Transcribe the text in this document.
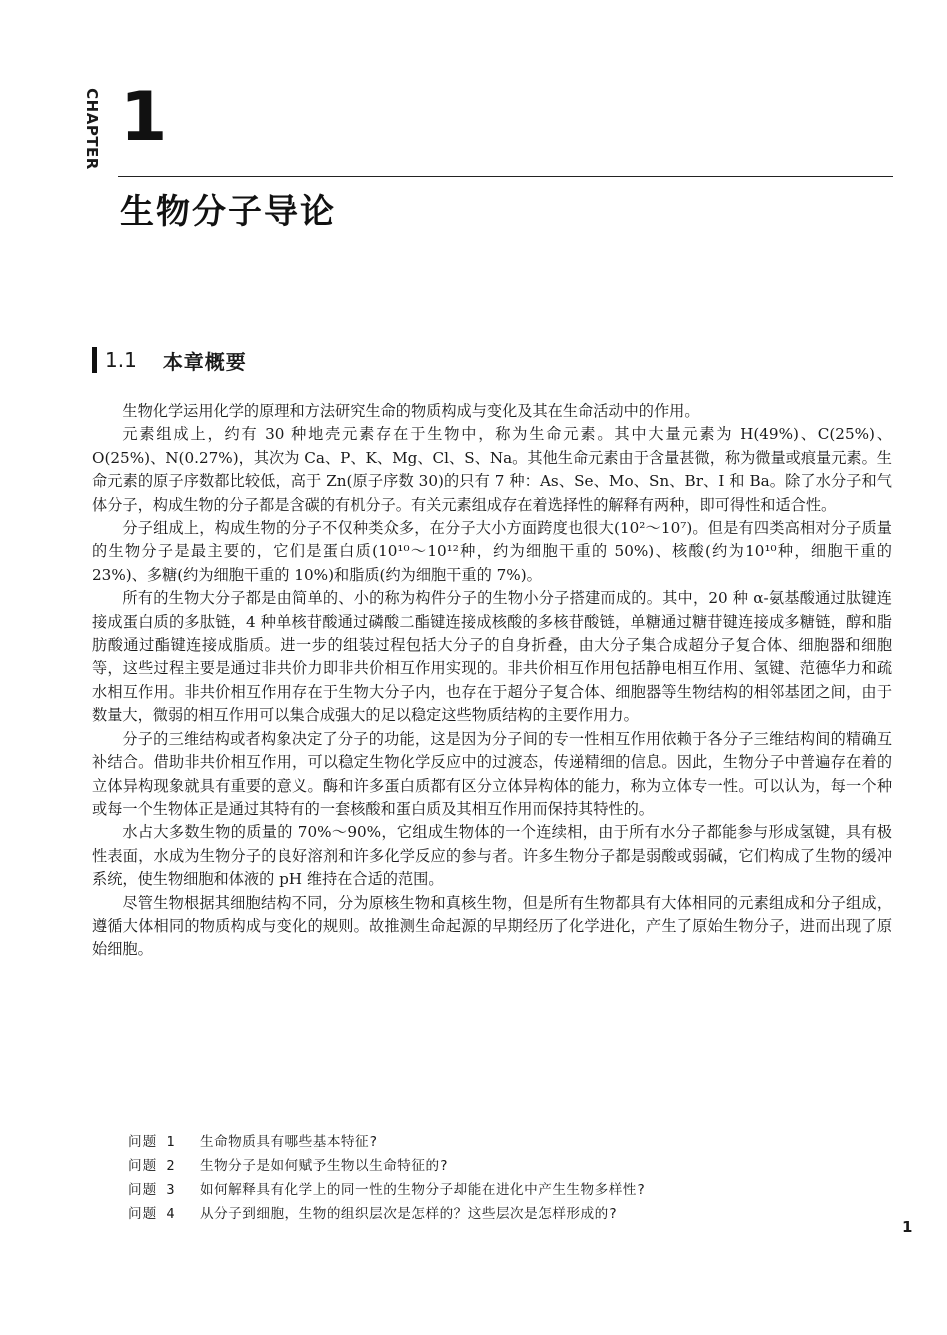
CHAPTER 1
生物分子导论
1.1 本章概要

生物化学运用化学的原理和方法研究生命的物质构成与变化及其在生命活动中的作用。

元素组成上，约有 30 种地壳元素存在于生物中，称为生命元素。其中大量元素为 H(49%)、C(25%)、O(25%)、N(0.27%)，其次为 Ca、P、K、Mg、Cl、S、Na。其他生命元素由于含量甚微，称为微量或痕量元素。生命元素的原子序数都比较低，高于 Zn(原子序数 30)的只有 7 种：As、Se、Mo、Sn、Br、I 和 Ba。除了水分子和气体分子，构成生物的分子都是含碳的有机分子。有关元素组成存在着选择性的解释有两种，即可得性和适合性。

分子组成上，构成生物的分子不仅种类众多，在分子大小方面跨度也很大(10²～10⁷)。但是有四类高相对分子质量的生物分子是最主要的，它们是蛋白质(10¹⁰～10¹²种，约为细胞干重的 50%)、核酸(约为10¹⁰种，细胞干重的 23%)、多糖(约为细胞干重的 10%)和脂质(约为细胞干重的 7%)。

所有的生物大分子都是由简单的、小的称为构件分子的生物小分子搭建而成的。其中，20 种 α-氨基酸通过肽键连接成蛋白质的多肽链，4 种单核苷酸通过磷酸二酯键连接成核酸的多核苷酸链，单糖通过糖苷键连接成多糖链，醇和脂肪酸通过酯键连接成脂质。进一步的组装过程包括大分子的自身折叠，由大分子集合成超分子复合体、细胞器和细胞等，这些过程主要是通过非共价力即非共价相互作用实现的。非共价相互作用包括静电相互作用、氢键、范德华力和疏水相互作用。非共价相互作用存在于生物大分子内，也存在于超分子复合体、细胞器等生物结构的相邻基团之间，由于数量大，微弱的相互作用可以集合成强大的足以稳定这些物质结构的主要作用力。

分子的三维结构或者构象决定了分子的功能，这是因为分子间的专一性相互作用依赖于各分子三维结构间的精确互补结合。借助非共价相互作用，可以稳定生物化学反应中的过渡态，传递精细的信息。因此，生物分子中普遍存在着的立体异构现象就具有重要的意义。酶和许多蛋白质都有区分立体异构体的能力，称为立体专一性。可以认为，每一个种或每一个生物体正是通过其特有的一套核酸和蛋白质及其相互作用而保持其特性的。

水占大多数生物的质量的 70%～90%，它组成生物体的一个连续相，由于所有水分子都能参与形成氢键，具有极性表面，水成为生物分子的良好溶剂和许多化学反应的参与者。许多生物分子都是弱酸或弱碱，它们构成了生物的缓冲系统，使生物细胞和体液的 pH 维持在合适的范围。

尽管生物根据其细胞结构不同，分为原核生物和真核生物，但是所有生物都具有大体相同的元素组成和分子组成，遵循大体相同的物质构成与变化的规则。故推测生命起源的早期经历了化学进化，产生了原始生物分子，进而出现了原始细胞。

问题 1	生命物质具有哪些基本特征?
问题 2	生物分子是如何赋予生物以生命特征的?
问题 3	如何解释具有化学上的同一性的生物分子却能在进化中产生生物多样性?
问题 4	从分子到细胞，生物的组织层次是怎样的？这些层次是怎样形成的?
1
